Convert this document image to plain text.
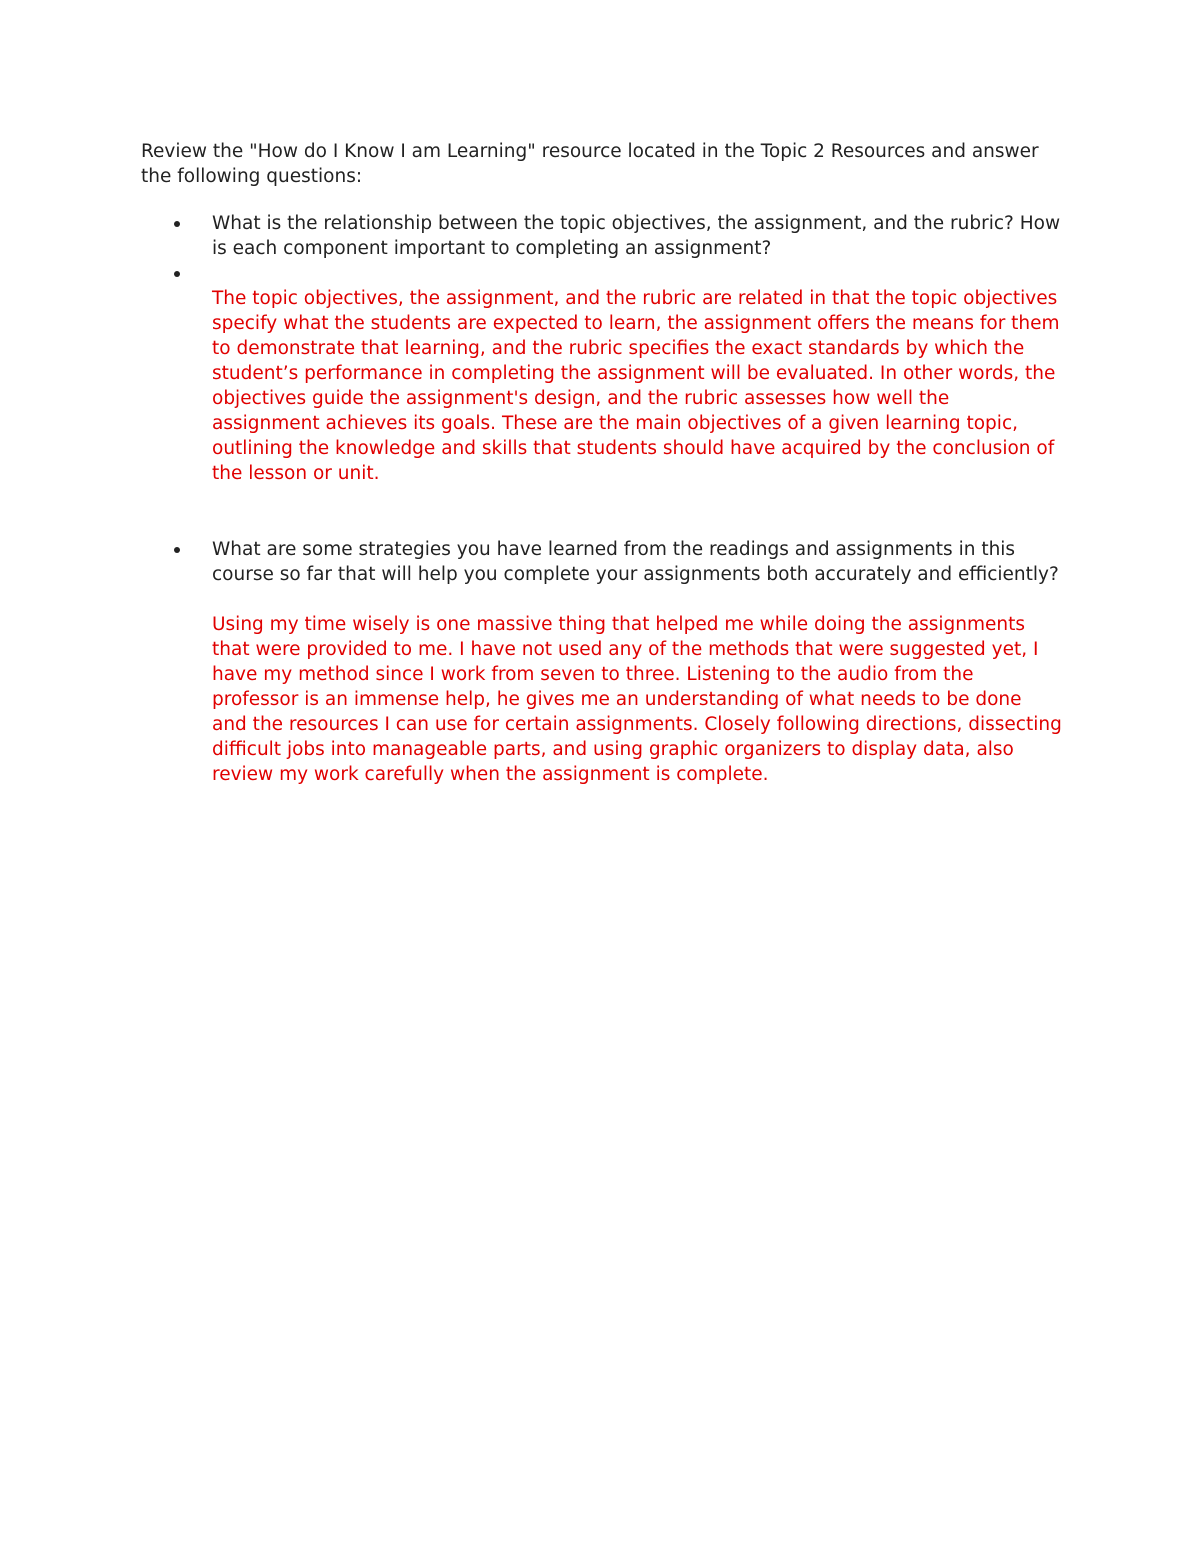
Review the "How do I Know I am Learning" resource located in the Topic 2 Resources and answer the following questions:

What is the relationship between the topic objectives, the assignment, and the rubric? How is each component important to completing an assignment?
The topic objectives, the assignment, and the rubric are related in that the topic objectives specify what the students are expected to learn, the assignment offers the means for them to demonstrate that learning, and the rubric specifies the exact standards by which the student’s performance in completing the assignment will be evaluated. In other words, the objectives guide the assignment's design, and the rubric assesses how well the assignment achieves its goals. These are the main objectives of a given learning topic, outlining the knowledge and skills that students should have acquired by the conclusion of the lesson or unit.
What are some strategies you have learned from the readings and assignments in this course so far that will help you complete your assignments both accurately and efficiently?
Using my time wisely is one massive thing that helped me while doing the assignments that were provided to me. I have not used any of the methods that were suggested yet, I have my method since I work from seven to three. Listening to the audio from the professor is an immense help, he gives me an understanding of what needs to be done and the resources I can use for certain assignments. Closely following directions, dissecting difficult jobs into manageable parts, and using graphic organizers to display data, also review my work carefully when the assignment is complete.
